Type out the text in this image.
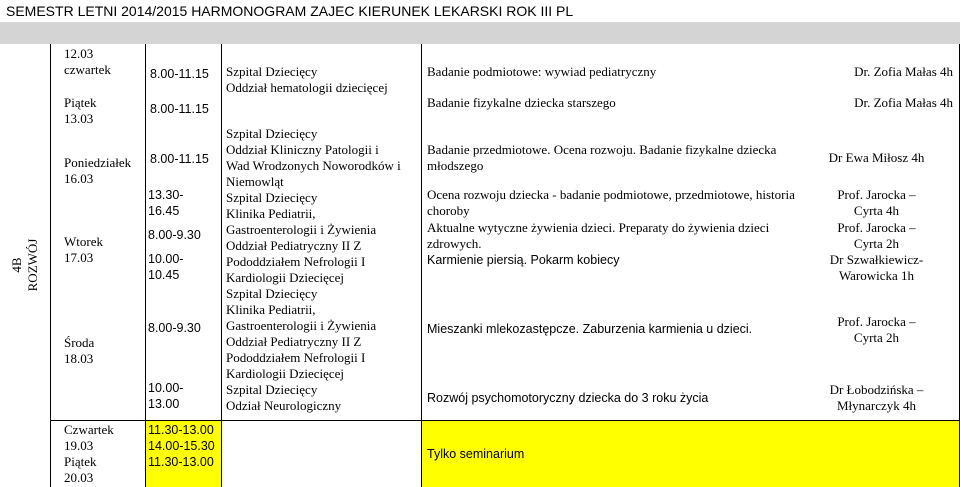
SEMESTR LETNI 2014/2015 HARMONOGRAM ZAJEC KIERUNEK LEKARSKI ROK III PL
4B ROZWÓJ
12.03
czwartek
Piątek
13.03
Poniedziałek
16.03
Wtorek
17.03
Środa
18.03
Czwartek
19.03
Piątek
20.03
8.00-11.15
8.00-11.15
8.00-11.15
13.30-
16.45
8.00-9.30
10.00-
10.45
8.00-9.30
10.00-
13.00
11.30-13.00
14.00-15.30
11.30-13.00
Szpital Dziecięcy
Oddział hematologii dziecięcej
Szpital Dziecięcy
Oddział Kliniczny Patologii i
Wad Wrodzonych Noworodków i
Niemowląt
Szpital Dziecięcy
Klinika Pediatrii,
Gastroenterologii i Żywienia
Oddział Pediatryczny II Z
Pododdziałem Nefrologii I
Kardiologii Dziecięcej
Szpital Dziecięcy
Klinika Pediatrii,
Gastroenterologii i Żywienia
Oddział Pediatryczny II Z
Pododdziałem Nefrologii I
Kardiologii Dziecięcej
Szpital Dziecięcy
Odział Neurologiczny
Badanie podmiotowe: wywiad pediatryczny
Badanie fizykalne dziecka starszego
Badanie przedmiotowe. Ocena rozwoju. Badanie fizykalne dziecka
młodszego
Ocena rozwoju dziecka - badanie podmiotowe, przedmiotowe, historia
choroby
Aktualne wytyczne żywienia dzieci. Preparaty do żywienia dzieci
zdrowych.
Karmienie piersią. Pokarm kobiecy
Mieszanki mlekozastępcze. Zaburzenia karmienia u dzieci.
Rozwój psychomotoryczny dziecka do 3 roku życia
Tylko seminarium
Dr. Zofia Małas 4h
Dr. Zofia Małas 4h
Dr Ewa Miłosz 4h
Prof. Jarocka –
Cyrta 4h
Prof. Jarocka –
Cyrta 2h
Dr Szwałkiewicz-
Warowicka 1h
Prof. Jarocka –
Cyrta 2h
Dr Łobodzińska –
Młynarczyk 4h
